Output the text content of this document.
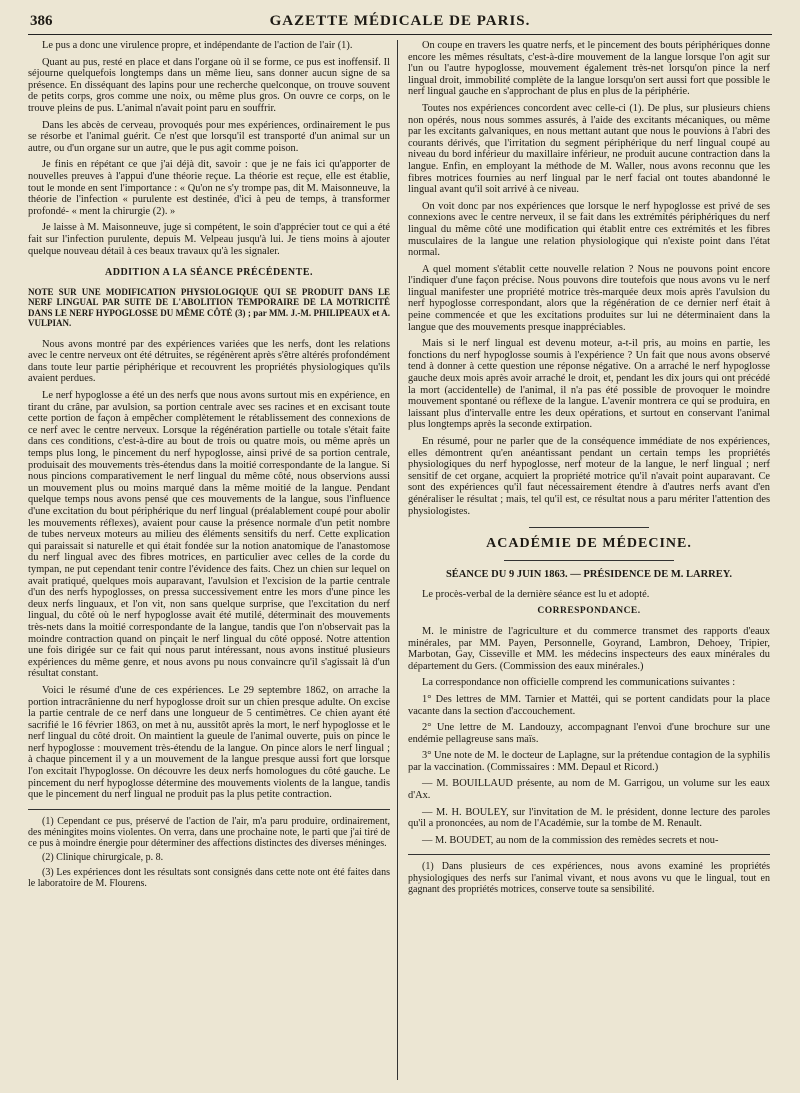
386	GAZETTE MÉDICALE DE PARIS.

Le pus a donc une virulence propre, et indépendante de l'action de l'air (1).

Quant au pus, resté en place et dans l'organe où il se forme, ce pus est inoffensif. Il séjourne quelquefois longtemps dans un même lieu, sans donner aucun signe de sa présence. En disséquant des lapins pour une recherche quelconque, on trouve souvent de petits corps, gros comme une noix, ou même plus gros. On ouvre ce corps, on le trouve pleins de pus. L'animal n'avait point paru en souffrir.

Dans les abcès de cerveau, provoqués pour mes expériences, ordinairement le pus se résorbe et l'animal guérit. Ce n'est que lorsqu'il est transporté d'un animal sur un autre, ou d'un organe sur un autre, que le pus agit comme poison.

Je finis en répétant ce que j'ai déjà dit, savoir : que je ne fais ici qu'apporter de nouvelles preuves à l'appui d'une théorie reçue. La théorie est reçue, elle est établie, tout le monde en sent l'importance : « Qu'on ne s'y trompe pas, dit M. Maisonneuve, la théorie de l'infection « purulente est destinée, d'ici à peu de temps, à transformer profondé- « ment la chirurgie (2). »

Je laisse à M. Maisonneuve, juge si compétent, le soin d'apprécier tout ce qui a été fait sur l'infection purulente, depuis M. Velpeau jusqu'à lui. Je tiens moins à ajouter quelque nouveau détail à ces beaux travaux qu'à les signaler.

ADDITION A LA SÉANCE PRÉCÉDENTE.

NOTE SUR UNE MODIFICATION PHYSIOLOGIQUE QUI SE PRODUIT DANS LE NERF LINGUAL PAR SUITE DE L'ABOLITION TEMPORAIRE DE LA MOTRICITÉ DANS LE NERF HYPOGLOSSE DU MÊME CÔTÉ (3) ; par MM. J.-M. PHILIPEAUX et A. VULPIAN.

Nous avons montré par des expériences variées que les nerfs, dont les relations avec le centre nerveux ont été détruites, se régénèrent après s'être altérés profondément dans toute leur partie périphérique et recouvrent les propriétés physiologiques qu'ils avaient perdues.

Le nerf hypoglosse a été un des nerfs que nous avons surtout mis en expérience, en tirant du crâne, par avulsion, sa portion centrale avec ses racines et en excisant toute cette portion de façon à empêcher complètement le rétablissement des connexions de ce nerf avec le centre nerveux. Lorsque la régénération partielle ou totale s'était faite dans ces conditions, c'est-à-dire au bout de trois ou quatre mois, ou même après un temps plus long, le pincement du nerf hypoglosse, ainsi privé de sa portion centrale, produisait des mouvements très-étendus dans la moitié correspondante de la langue. Si nous pincions comparativement le nerf lingual du même côté, nous observions aussi un mouvement plus ou moins marqué dans la même moitié de la langue. Pendant quelque temps nous avons pensé que ces mouvements de la langue, sous l'influence d'une excitation du bout périphérique du nerf lingual (préalablement coupé pour abolir les mouvements réflexes), avaient pour cause la présence normale d'un petit nombre de tubes nerveux moteurs au milieu des éléments sensitifs du nerf. Cette explication qui paraissait si naturelle et qui était fondée sur la notion anatomique de l'anastomose du nerf lingual avec des fibres motrices, en particulier avec celles de la corde du tympan, ne put cependant tenir contre l'évidence des faits. Chez un chien sur lequel on avait pratiqué, quelques mois auparavant, l'avulsion et l'excision de la partie centrale d'un des nerfs hypoglosses, on pressa successivement entre les mors d'une pince les deux nerfs linguaux, et l'on vit, non sans quelque surprise, que l'excitation du nerf lingual, du côté où le nerf hypoglosse avait été mutilé, déterminait des mouvements très-nets dans la moitié correspondante de la langue, tandis que l'on n'observait pas la moindre contraction quand on pinçait le nerf lingual du côté opposé. Notre attention une fois dirigée sur ce fait qui nous parut intéressant, nous avons institué plusieurs expériences du même genre, et nous avons pu nous convaincre qu'il s'agissait là d'un résultat constant.

Voici le résumé d'une de ces expériences. Le 29 septembre 1862, on arrache la portion intracrânienne du nerf hypoglosse droit sur un chien presque adulte. On excise la partie centrale de ce nerf dans une longueur de 5 centimètres. Ce chien ayant été sacrifié le 16 février 1863, on met à nu, aussitôt après la mort, le nerf hypoglosse et le nerf lingual du côté droit. On maintient la gueule de l'animal ouverte, puis on pince le nerf hypoglosse : mouvement très-étendu de la langue. On pince alors le nerf lingual ; à chaque pincement il y a un mouvement de la langue presque aussi fort que lorsque l'on excitait l'hypoglosse. On découvre les deux nerfs homologues du côté gauche. Le pincement du nerf hypoglosse détermine des mouvements violents de la langue, tandis que le pincement du nerf lingual ne produit pas la plus petite contraction.

(1) Cependant ce pus, préservé de l'action de l'air, m'a paru produire, ordinairement, des méningites moins violentes. On verra, dans une prochaine note, le parti que j'ai tiré de ce pus à moindre énergie pour déterminer des affections distinctes des diverses méninges.

(2) Clinique chirurgicale, p. 8.

(3) Les expériences dont les résultats sont consignés dans cette note ont été faites dans le laboratoire de M. Flourens.

On coupe en travers les quatre nerfs, et le pincement des bouts périphériques donne encore les mêmes résultats, c'est-à-dire mouvement de la langue lorsque l'on agit sur l'un ou l'autre hypoglosse, mouvement également très-net lorsqu'on pince la nerf lingual droit, immobilité complète de la langue lorsqu'on sert aussi fort que possible le nerf lingual gauche en s'approchant de plus en plus de la périphérie.

Toutes nos expériences concordent avec celle-ci (1). De plus, sur plusieurs chiens non opérés, nous nous sommes assurés, à l'aide des excitants mécaniques, ou même par les excitants galvaniques, en nous mettant autant que nous le pouvions à l'abri des courants dérivés, que l'irritation du segment périphérique du nerf lingual coupé au niveau du bord inférieur du maxillaire inférieur, ne produit aucune contraction dans la langue. Enfin, en employant la méthode de M. Waller, nous avons reconnu que les fibres motrices fournies au nerf lingual par le nerf facial ont toutes abandonné le lingual avant qu'il soit arrivé à ce niveau.

On voit donc par nos expériences que lorsque le nerf hypoglosse est privé de ses connexions avec le centre nerveux, il se fait dans les extrémités périphériques du nerf lingual du même côté une modification qui établit entre ces extrémités et les fibres musculaires de la langue une relation physiologique qui n'existe point dans l'état normal.

A quel moment s'établit cette nouvelle relation ? Nous ne pouvons point encore l'indiquer d'une façon précise. Nous pouvons dire toutefois que nous avons vu le nerf lingual manifester une propriété motrice très-marquée deux mois après l'avulsion du nerf hypoglosse correspondant, alors que la régénération de ce dernier nerf était à peine commencée et que les excitations produites sur lui ne déterminaient dans la langue que des mouvements presque inappréciables.

Mais si le nerf lingual est devenu moteur, a-t-il pris, au moins en partie, les fonctions du nerf hypoglosse soumis à l'expérience ? Un fait que nous avons observé tend à donner à cette question une réponse négative. On a arraché le nerf hypoglosse gauche deux mois après avoir arraché le droit, et, pendant les dix jours qui ont précédé la mort (accidentelle) de l'animal, il n'a pas été possible de provoquer le moindre mouvement spontané ou réflexe de la langue. L'avenir montrera ce qui se produira, en laissant plus d'intervalle entre les deux opérations, et surtout en conservant l'animal plus longtemps après la seconde extirpation.

En résumé, pour ne parler que de la conséquence immédiate de nos expériences, elles démontrent qu'en anéantissant pendant un certain temps les propriétés physiologiques du nerf hypoglosse, nerf moteur de la langue, le nerf lingual ; nerf sensitif de cet organe, acquiert la propriété motrice qu'il n'avait point auparavant. Ce sont des expériences qu'il faut nécessairement étendre à d'autres nerfs avant d'en généraliser le résultat ; mais, tel qu'il est, ce résultat nous a paru mériter l'attention des physiologistes.

ACADÉMIE DE MÉDECINE.

SÉANCE DU 9 JUIN 1863. — PRÉSIDENCE DE M. LARREY.

Le procès-verbal de la dernière séance est lu et adopté.

CORRESPONDANCE.

M. le ministre de l'agriculture et du commerce transmet des rapports d'eaux minérales, par MM. Payen, Personnelle, Goyrand, Lambron, Dehoey, Tripier, Marbotan, Gay, Cisseville et MM. les médecins inspecteurs des eaux minérales du département du Gers. (Commission des eaux minérales.)

La correspondance non officielle comprend les communications suivantes :

1° Des lettres de MM. Tarnier et Mattéi, qui se portent candidats pour la place vacante dans la section d'accouchement.

2° Une lettre de M. Landouzy, accompagnant l'envoi d'une brochure sur une endémie pellagreuse sans maïs.

3° Une note de M. le docteur de Laplagne, sur la prétendue contagion de la syphilis par la vaccination. (Commissaires : MM. Depaul et Ricord.)

— M. BOUILLAUD présente, au nom de M. Garrigou, un volume sur les eaux d'Ax.

— M. H. BOULEY, sur l'invitation de M. le président, donne lecture des paroles qu'il a prononcées, au nom de l'Académie, sur la tombe de M. Renault.

— M. BOUDET, au nom de la commission des remèdes secrets et nou-

(1) Dans plusieurs de ces expériences, nous avons examiné les propriétés physiologiques des nerfs sur l'animal vivant, et nous avons vu que le lingual, tout en gagnant des propriétés motrices, conserve toute sa sensibilité.
